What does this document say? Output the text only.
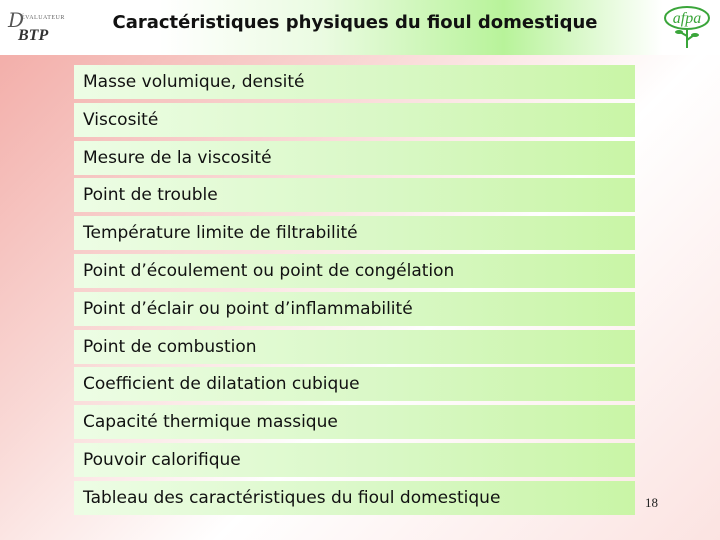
D
ÉVALUATEUR
BTP
Caractéristiques physiques du fioul domestique	afpa
Masse volumique, densité
Viscosité
Mesure de la viscosité
Point de trouble
Température limite de filtrabilité
Point d’écoulement ou point de congélation
Point d’éclair ou point d’inflammabilité
Point de combustion
Coefficient de dilatation cubique
Capacité thermique massique
Pouvoir calorifique
Tableau des caractéristiques du fioul domestique	18
